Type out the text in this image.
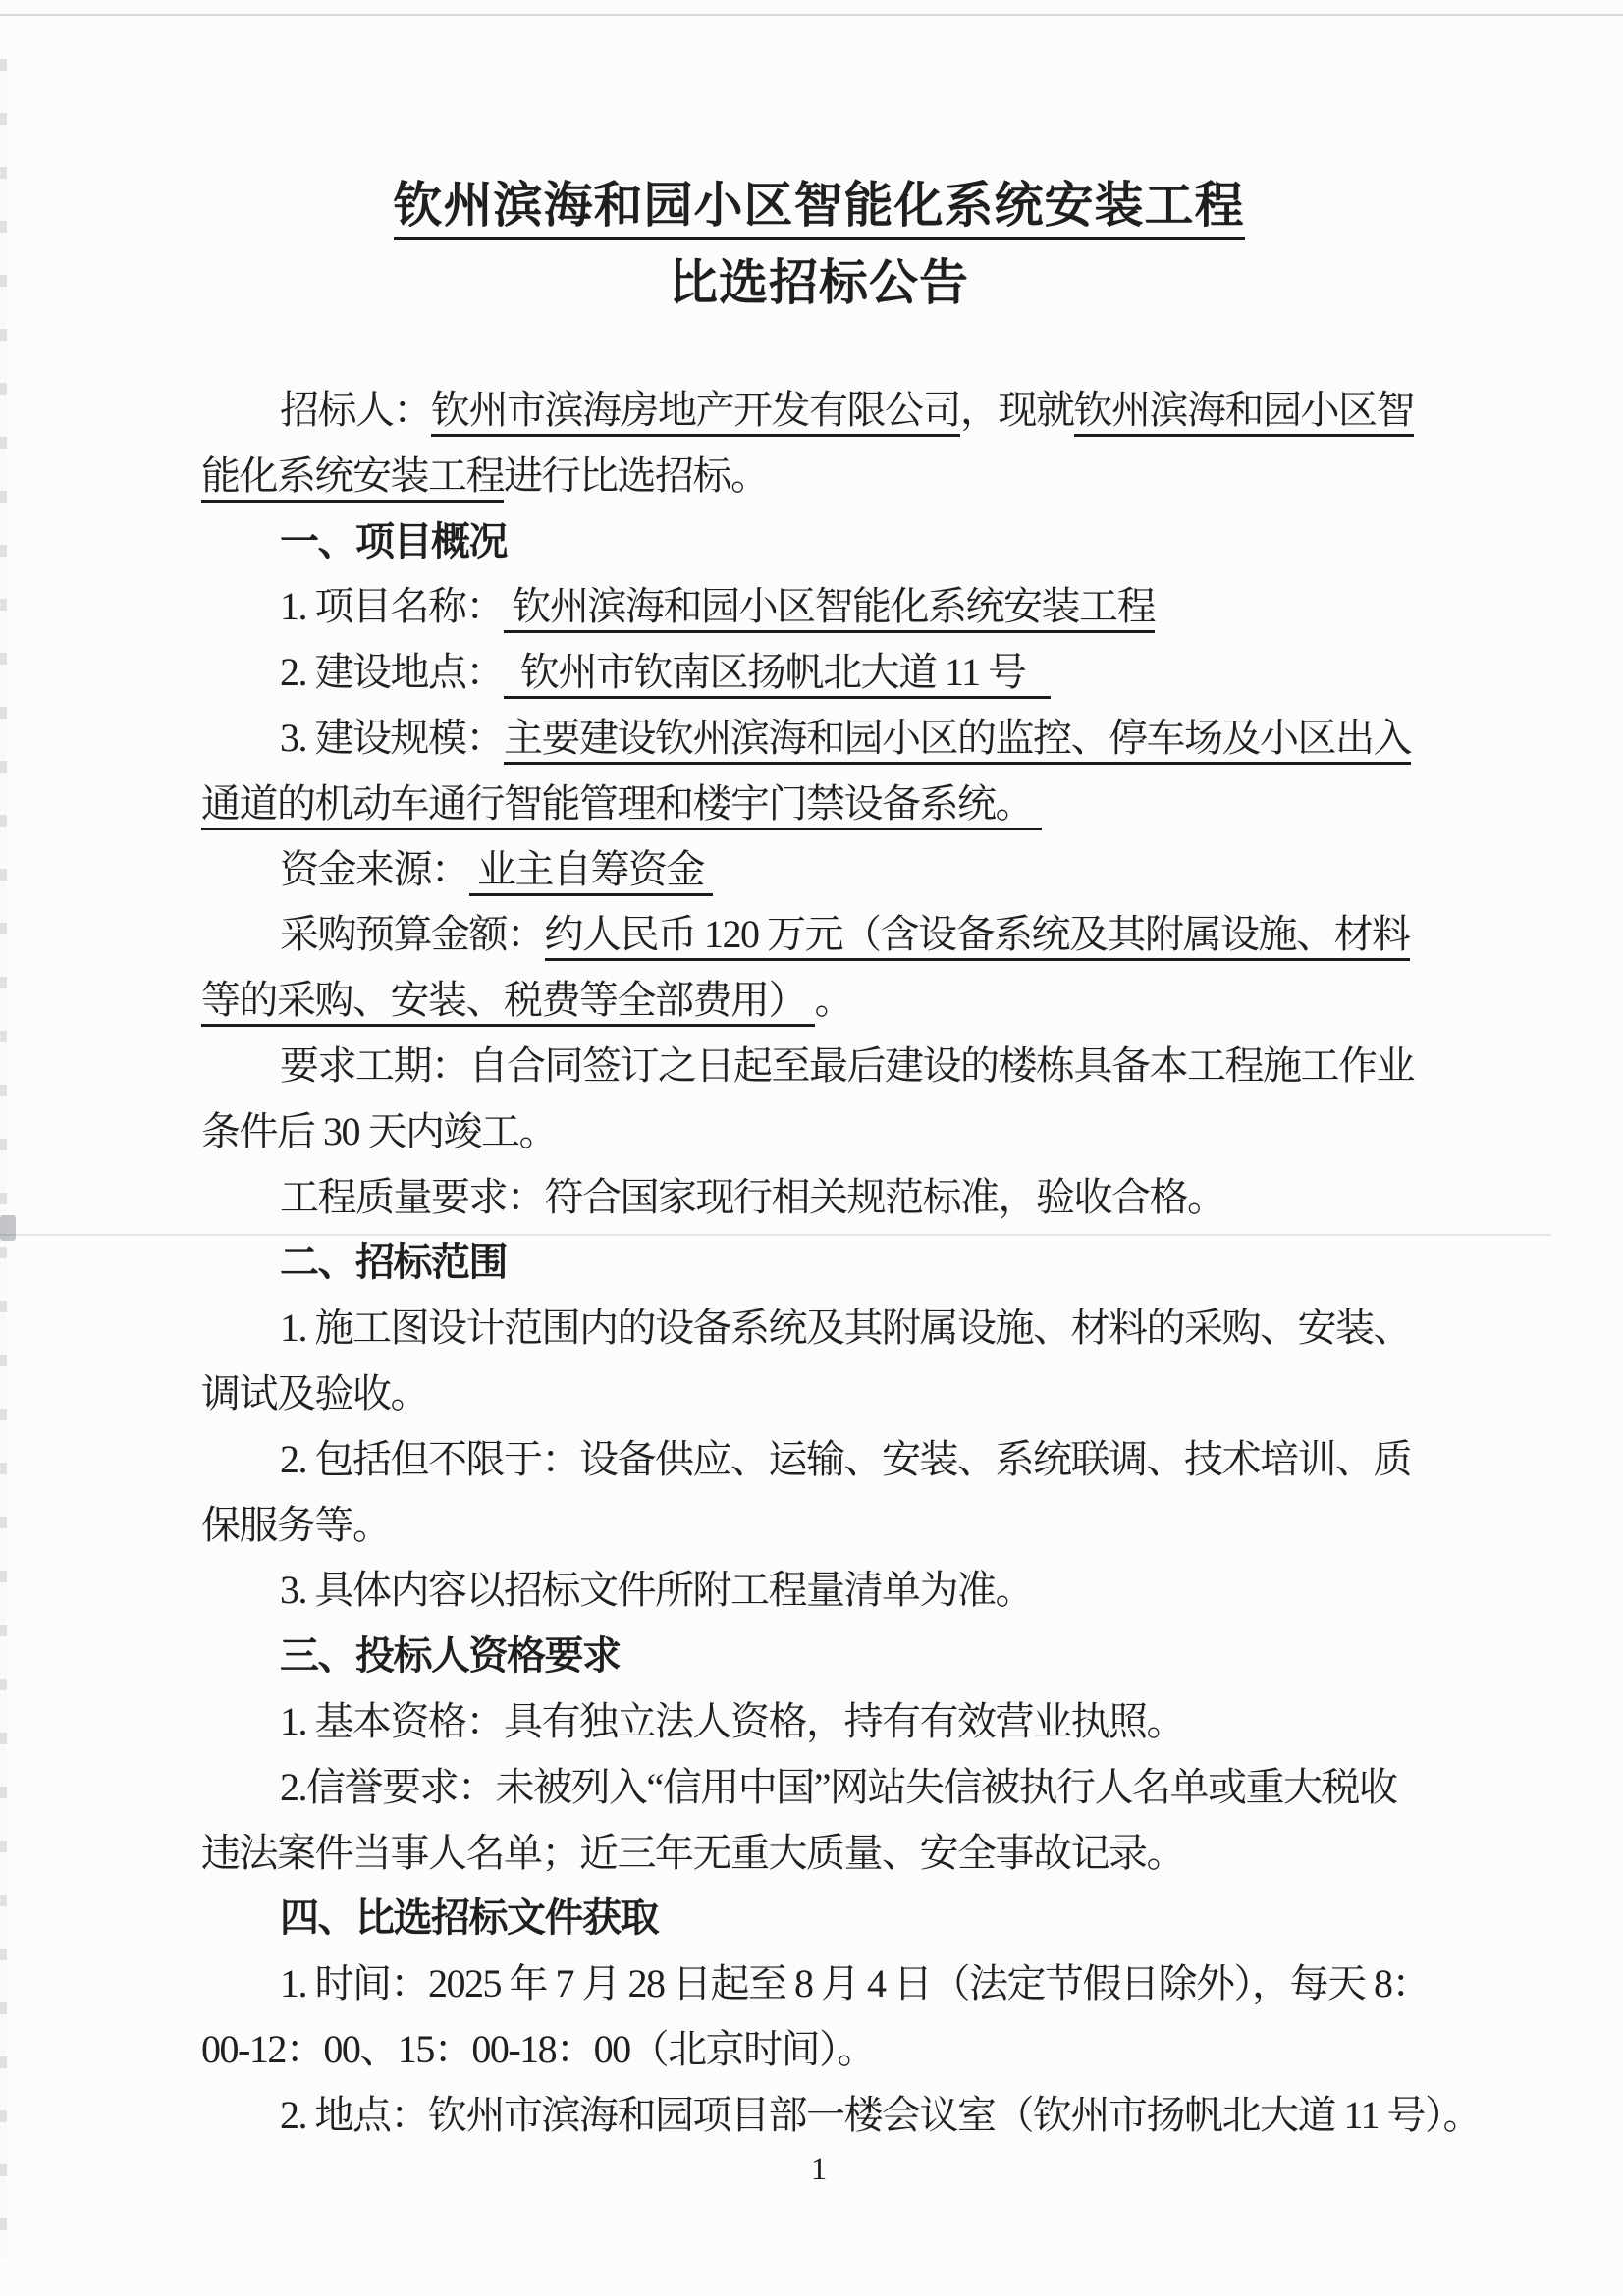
钦州滨海和园小区智能化系统安装工程
比选招标公告
招标人：钦州市滨海房地产开发有限公司，现就钦州滨海和园小区智
能化系统安装工程进行比选招标。
一、项目概况
1. 项目名称： 钦州滨海和园小区智能化系统安装工程
2. 建设地点：  钦州市钦南区扬帆北大道 11 号
3. 建设规模：主要建设钦州滨海和园小区的监控、停车场及小区出入
通道的机动车通行智能管理和楼宇门禁设备系统。
资金来源： 业主自筹资金
采购预算金额：约人民币 120 万元（含设备系统及其附属设施、材料
等的采购、安装、税费等全部费用） 。
要求工期：自合同签订之日起至最后建设的楼栋具备本工程施工作业
条件后 30 天内竣工。
工程质量要求：符合国家现行相关规范标准，验收合格。
二、招标范围
1. 施工图设计范围内的设备系统及其附属设施、材料的采购、安装、
调试及验收。
2. 包括但不限于：设备供应、运输、安装、系统联调、技术培训、质
保服务等。
3. 具体内容以招标文件所附工程量清单为准。
三、投标人资格要求
1. 基本资格：具有独立法人资格，持有有效营业执照。
2.信誉要求：未被列入“信用中国”网站失信被执行人名单或重大税收
违法案件当事人名单；近三年无重大质量、安全事故记录。
四、比选招标文件获取
1. 时间：2025 年 7 月 28 日起至 8 月 4 日（法定节假日除外），每天 8：
00-12：00、15：00-18：00（北京时间）。
2. 地点：钦州市滨海和园项目部一楼会议室（钦州市扬帆北大道 11 号）。
1
